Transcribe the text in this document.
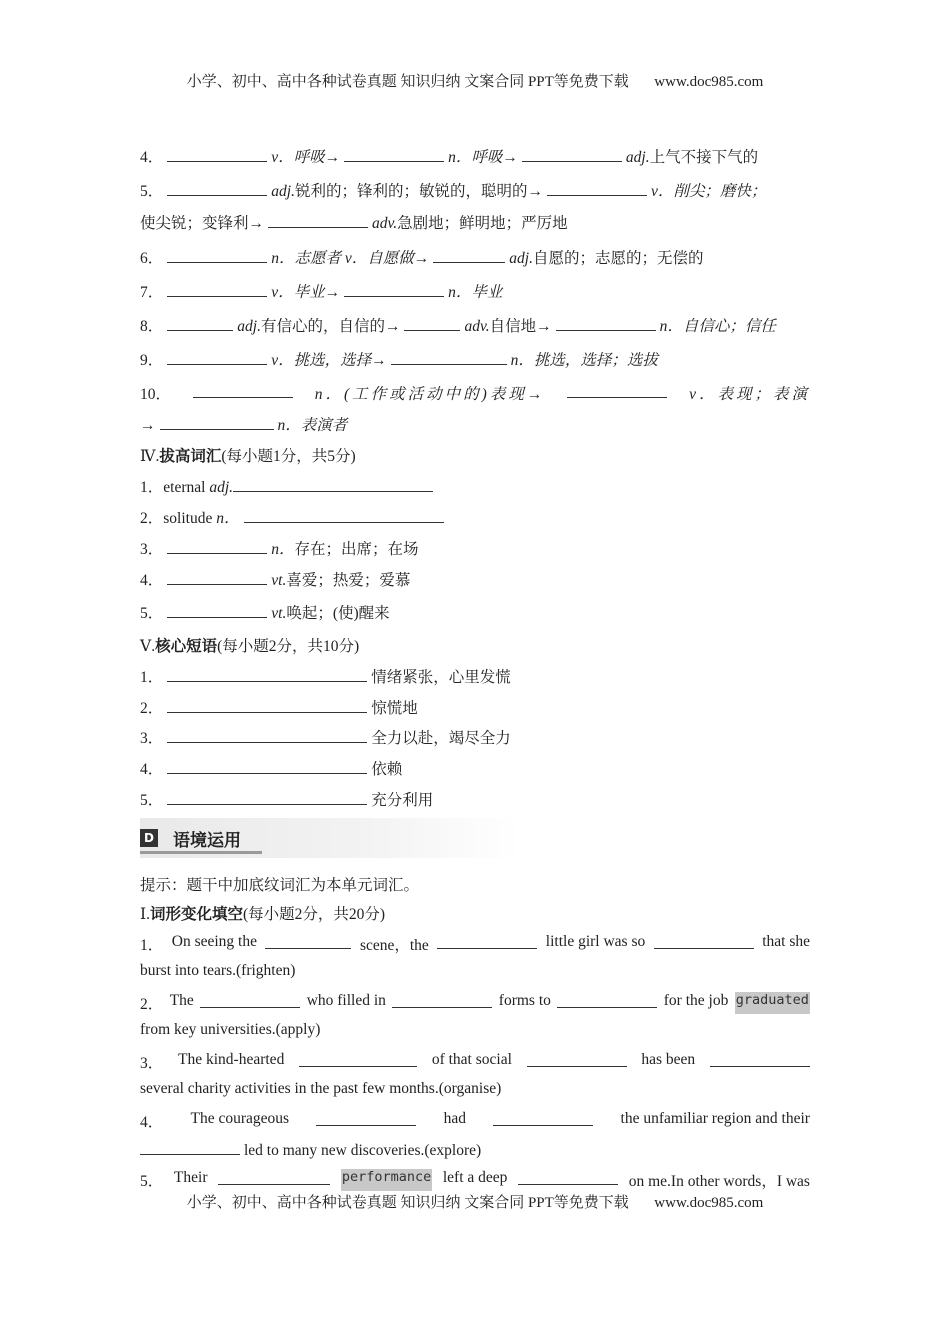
小学、初中、高中各种试卷真题 知识归纳 文案合同 PPT等免费下载 www.doc985.com
4．	v．呼吸→	n．呼吸→	adj.上气不接下气的
5．	adj.锐利的；锋利的；敏锐的，聪明的→	v．削尖；磨快；
使尖锐；变锋利→	adv.急剧地；鲜明地；严厉地
6．	n．志愿者 v．自愿做→	adj.自愿的；志愿的；无偿的
7．	v．毕业→	n．毕业
8．	adj.有信心的，自信的→	adv.自信地→	n．自信心；信任
9．	v．挑选，选择→	n．挑选，选择；选拔
10．	n．(工作或活动中的)表现→	v．表现；表演
→	n．表演者
Ⅳ.拔高词汇(每小题1分，共5分)
1．eternal adj.
2．solitude n．
3．	n．存在；出席；在场
4．	vt.喜爱；热爱；爱慕
5．	vt.唤起；(使)醒来
Ⅴ.核心短语(每小题2分，共10分)
1．	情绪紧张，心里发慌
2．	惊慌地
3．	全力以赴，竭尽全力
4．	依赖
5．	充分利用
D 语境运用
提示：题干中加底纹词汇为本单元词汇。
Ⅰ.词形变化填空(每小题2分，共20分)
1． On seeing the	scene，the	little girl was so	that she
burst into tears.(frighten)
2． The	who filled in	forms to	for the job graduated
from key universities.(apply)
3． The kind-hearted	of that social	has been
several charity activities in the past few months.(organise)
4． The courageous	had	the unfamiliar region and their
led to many new discoveries.(explore)
5． Their	performance left a deep	on me.In other words，I was
小学、初中、高中各种试卷真题 知识归纳 文案合同 PPT等免费下载 www.doc985.com
